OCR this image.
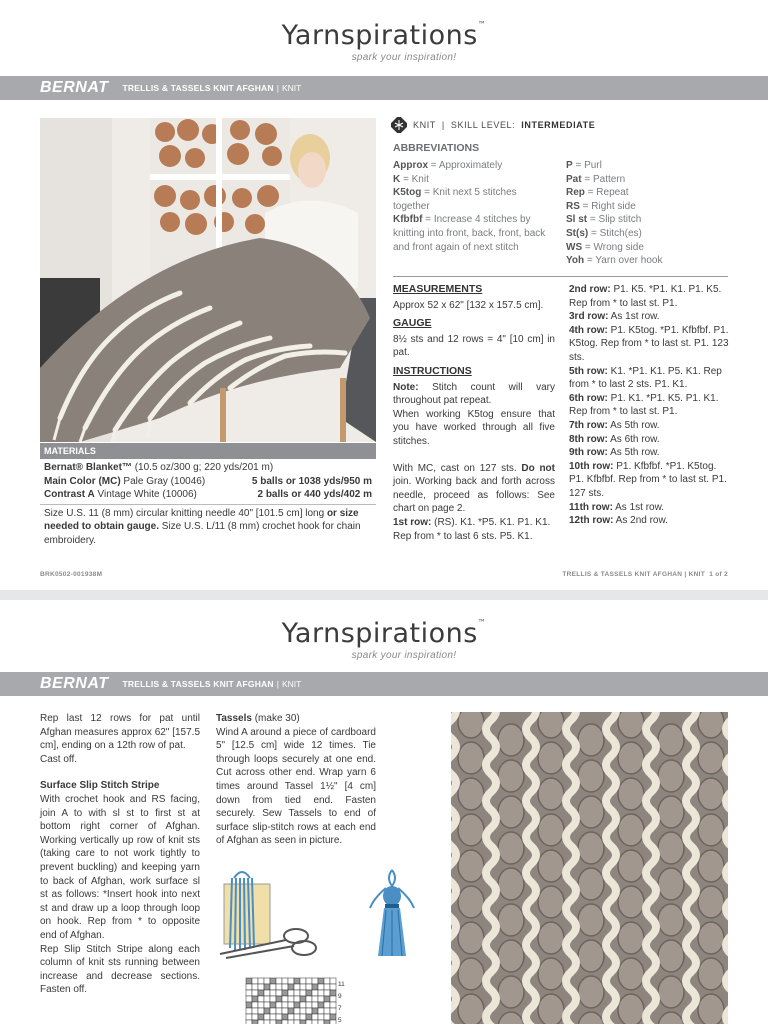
Yarnspirations™
spark your inspiration!
BERNAT TRELLIS & TASSELS KNIT AFGHAN | KNIT
MATERIALS
Bernat® Blanket™ (10.5 oz/300 g; 220 yds/201 m)
Main Color (MC) Pale Gray (10046)	5 balls or 1038 yds/950 m
Contrast A Vintage White (10006)	2 balls or 440 yds/402 m
Size U.S. 11 (8 mm) circular knitting needle 40" [101.5 cm] long or size needed to obtain gauge. Size U.S. L/11 (8 mm) crochet hook for chain embroidery.
KNIT | SKILL LEVEL: INTERMEDIATE
ABBREVIATIONS
Approx = Approximately
K = Knit
K5tog = Knit next 5 stitches together
Kfbfbf = Increase 4 stitches by knitting into front, back, front, back and front again of next stitch
P = Purl
Pat = Pattern
Rep = Repeat
RS = Right side
Sl st = Slip stitch
St(s) = Stitch(es)
WS = Wrong side
Yoh = Yarn over hook
MEASUREMENTS
Approx 52 x 62" [132 x 157.5 cm].
GAUGE
8½ sts and 12 rows = 4" [10 cm] in pat.
INSTRUCTIONS
Note: Stitch count will vary throughout pat repeat.
When working K5tog ensure that you have worked through all five stitches.
With MC, cast on 127 sts. Do not join. Working back and forth across needle, proceed as follows: See chart on page 2.
1st row: (RS). K1. *P5. K1. P1. K1. Rep from * to last 6 sts. P5. K1.
2nd row: P1. K5. *P1. K1. P1. K5. Rep from * to last st. P1.
3rd row: As 1st row.
4th row: P1. K5tog. *P1. Kfbfbf. P1. K5tog. Rep from * to last st. P1. 123 sts.
5th row: K1. *P1. K1. P5. K1. Rep from * to last 2 sts. P1. K1.
6th row: P1. K1. *P1. K5. P1. K1. Rep from * to last st. P1.
7th row: As 5th row.
8th row: As 6th row.
9th row: As 5th row.
10th row: P1. Kfbfbf. *P1. K5tog. P1. Kfbfbf. Rep from * to last st. P1. 127 sts.
11th row: As 1st row.
12th row: As 2nd row.
BRK0502-001938M	TRELLIS & TASSELS KNIT AFGHAN | KNIT 1 of 2
Yarnspirations™
spark your inspiration!
BERNAT TRELLIS & TASSELS KNIT AFGHAN | KNIT
Rep last 12 rows for pat until Afghan measures approx 62" [157.5 cm], ending on a 12th row of pat.
Cast off.
Surface Slip Stitch Stripe
With crochet hook and RS facing, join A to with sl st to first st at bottom right corner of Afghan. Working vertically up row of knit sts (taking care to not work tightly to prevent buckling) and keeping yarn to back of Afghan, work surface sl st as follows: *Insert hook into next st and draw up a loop through loop on hook. Rep from * to opposite end of Afghan.
Rep Slip Stitch Stripe along each column of knit sts running between increase and decrease sections. Fasten off.
Tassels (make 30)
Wind A around a piece of cardboard 5" [12.5 cm] wide 12 times. Tie through loops securely at one end. Cut across other end. Wrap yarn 6 times around Tassel 1½" [4 cm] down from tied end. Fasten securely. Sew Tassels to end of surface slip-stitch rows at each end of Afghan as seen in picture.
11
9
7
5
